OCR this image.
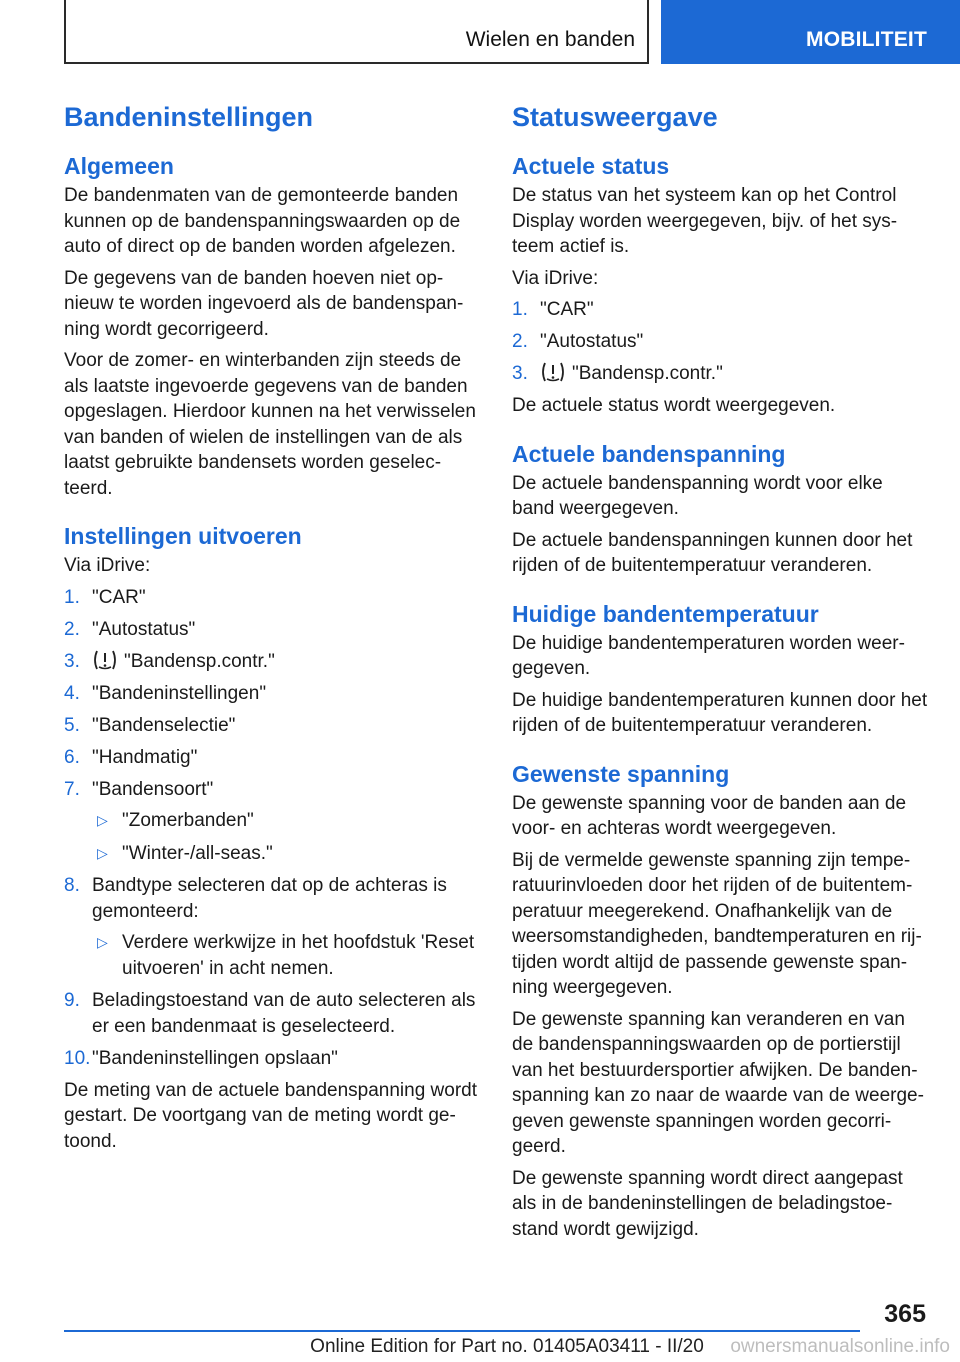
Wielen en banden	MOBILITEIT
Bandeninstellingen
Algemeen

De bandenmaten van de gemonteerde banden kunnen op de bandenspanningswaarden op de auto of direct op de banden worden afgelezen.

De gegevens van de banden hoeven niet opnieuw te worden ingevoerd als de bandenspanning wordt gecorrigeerd.

Voor de zomer- en winterbanden zijn steeds de als laatste ingevoerde gegevens van de banden opgeslagen. Hierdoor kunnen na het verwisselen van banden of wielen de instellingen van de als laatst gebruikte bandensets worden geselecteerd.

Instellingen uitvoeren

Via iDrive:

1. "CAR"
2. "Autostatus"
3. "Bandensp.contr."
4. "Bandeninstellingen"
5. "Bandenselectie"
6. "Handmatig"
7. "Bandensoort"
▷ "Zomerbanden"
▷ "Winter-/all-seas."
8. Bandtype selecteren dat op de achteras is gemonteerd:
▷ Verdere werkwijze in het hoofdstuk 'Reset uitvoeren' in acht nemen.
9. Beladingstoestand van de auto selecteren als er een bandenmaat is geselecteerd.
10. "Bandeninstellingen opslaan"

De meting van de actuele bandenspanning wordt gestart. De voortgang van de meting wordt getoond.

Statusweergave
Actuele status

De status van het systeem kan op het Control Display worden weergegeven, bijv. of het systeem actief is.

Via iDrive:

1. "CAR"
2. "Autostatus"
3. "Bandensp.contr."

De actuele status wordt weergegeven.

Actuele bandenspanning

De actuele bandenspanning wordt voor elke band weergegeven.

De actuele bandenspanningen kunnen door het rijden of de buitentemperatuur veranderen.

Huidige bandentemperatuur

De huidige bandentemperaturen worden weergegeven.

De huidige bandentemperaturen kunnen door het rijden of de buitentemperatuur veranderen.

Gewenste spanning

De gewenste spanning voor de banden aan de voor- en achteras wordt weergegeven.

Bij de vermelde gewenste spanning zijn temperatuurinvloeden door het rijden of de buitentemperatuur meegerekend. Onafhankelijk van de weersomstandigheden, bandtemperaturen en rijtijden wordt altijd de passende gewenste spanning weergegeven.

De gewenste spanning kan veranderen en van de bandenspanningswaarden op de portierstijl van het bestuurdersportier afwijken. De bandenspanning kan zo naar de waarde van de weergegeven gewenste spanningen worden gecorrigeerd.

De gewenste spanning wordt direct aangepast als in de bandeninstellingen de beladingstoestand wordt gewijzigd.

365
Online Edition for Part no. 01405A03411 - II/20	ownersmanualsonline.info
